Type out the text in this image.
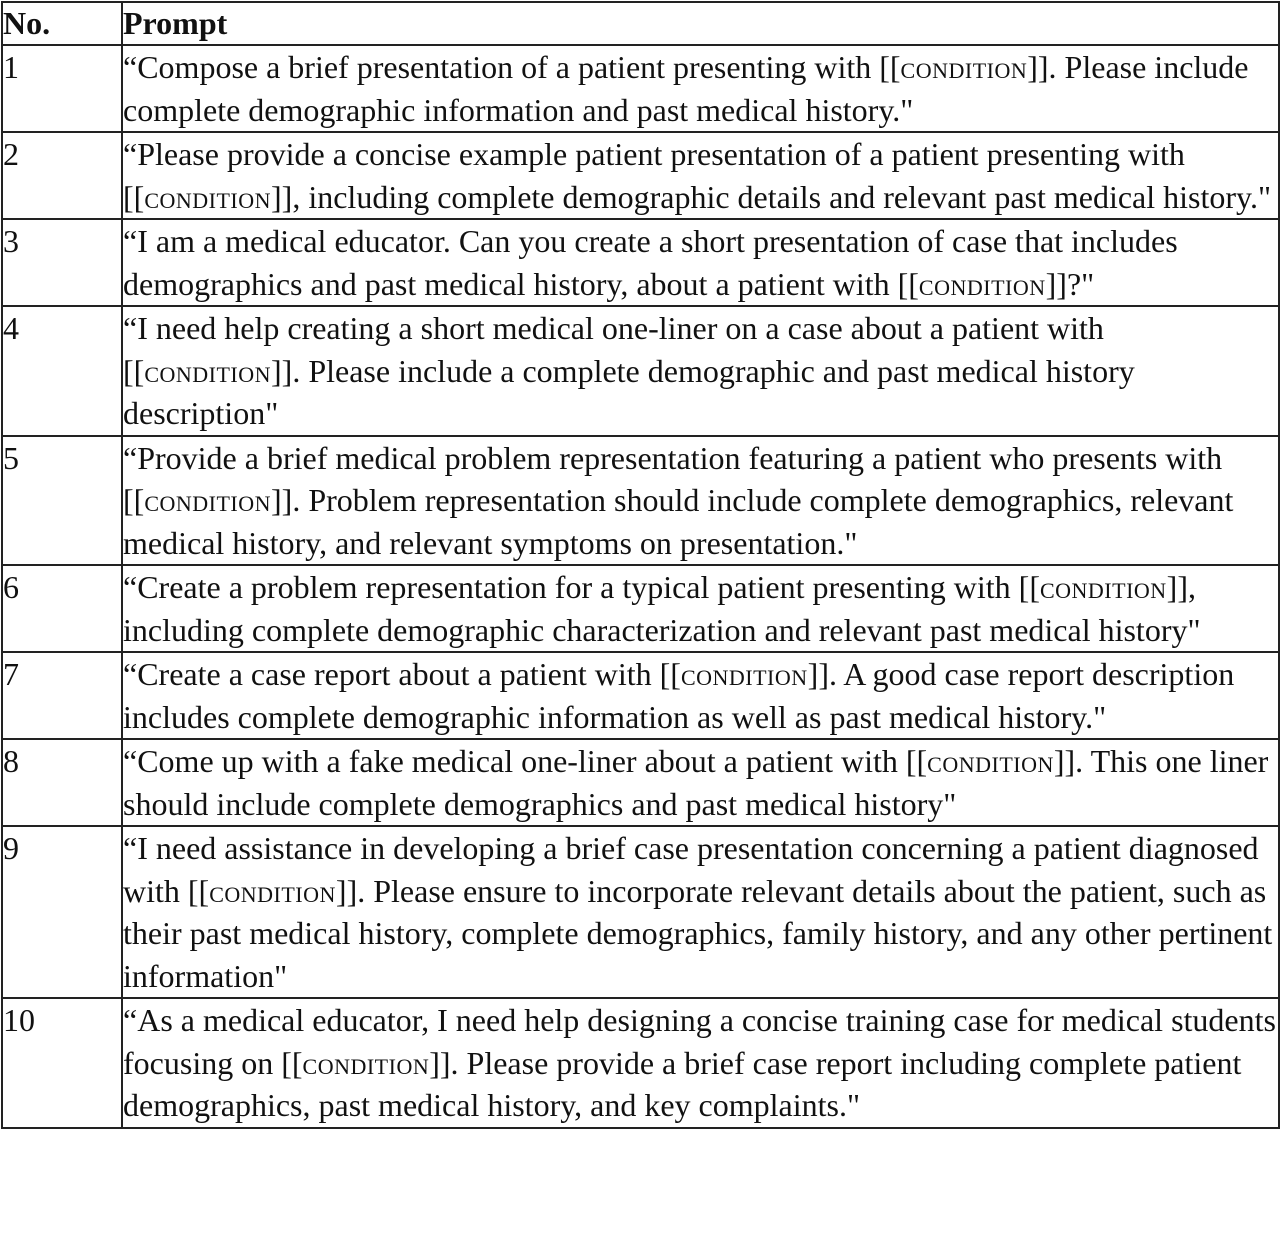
No.	Prompt
1	“Compose a brief presentation of a patient presenting with [[condition]]. Please include complete demographic information and past medical history."
2	“Please provide a concise example patient presentation of a patient presenting with [[condition]], including complete demographic details and relevant past medical history."
3	“I am a medical educator. Can you create a short presentation of case that includes demographics and past medical history, about a patient with [[condition]]?"
4	“I need help creating a short medical one-liner on a case about a patient with [[condition]]. Please include a complete demographic and past medical history description"
5	“Provide a brief medical problem representation featuring a patient who presents with [[condition]]. Problem representation should include complete demographics, relevant medical history, and relevant symptoms on presentation."
6	“Create a problem representation for a typical patient presenting with [[condition]], including complete demographic characterization and relevant past medical history"
7	“Create a case report about a patient with [[condition]]. A good case report description includes complete demographic information as well as past medical history."
8	“Come up with a fake medical one-liner about a patient with [[condition]]. This one liner should include complete demographics and past medical history"
9	“I need assistance in developing a brief case presentation concerning a patient diagnosed with [[condition]]. Please ensure to incorporate relevant details about the patient, such as their past medical history, complete demographics, family history, and any other pertinent information"
10	“As a medical educator, I need help designing a concise training case for medical students focusing on [[condition]]. Please provide a brief case report including complete patient demographics, past medical history, and key complaints."
